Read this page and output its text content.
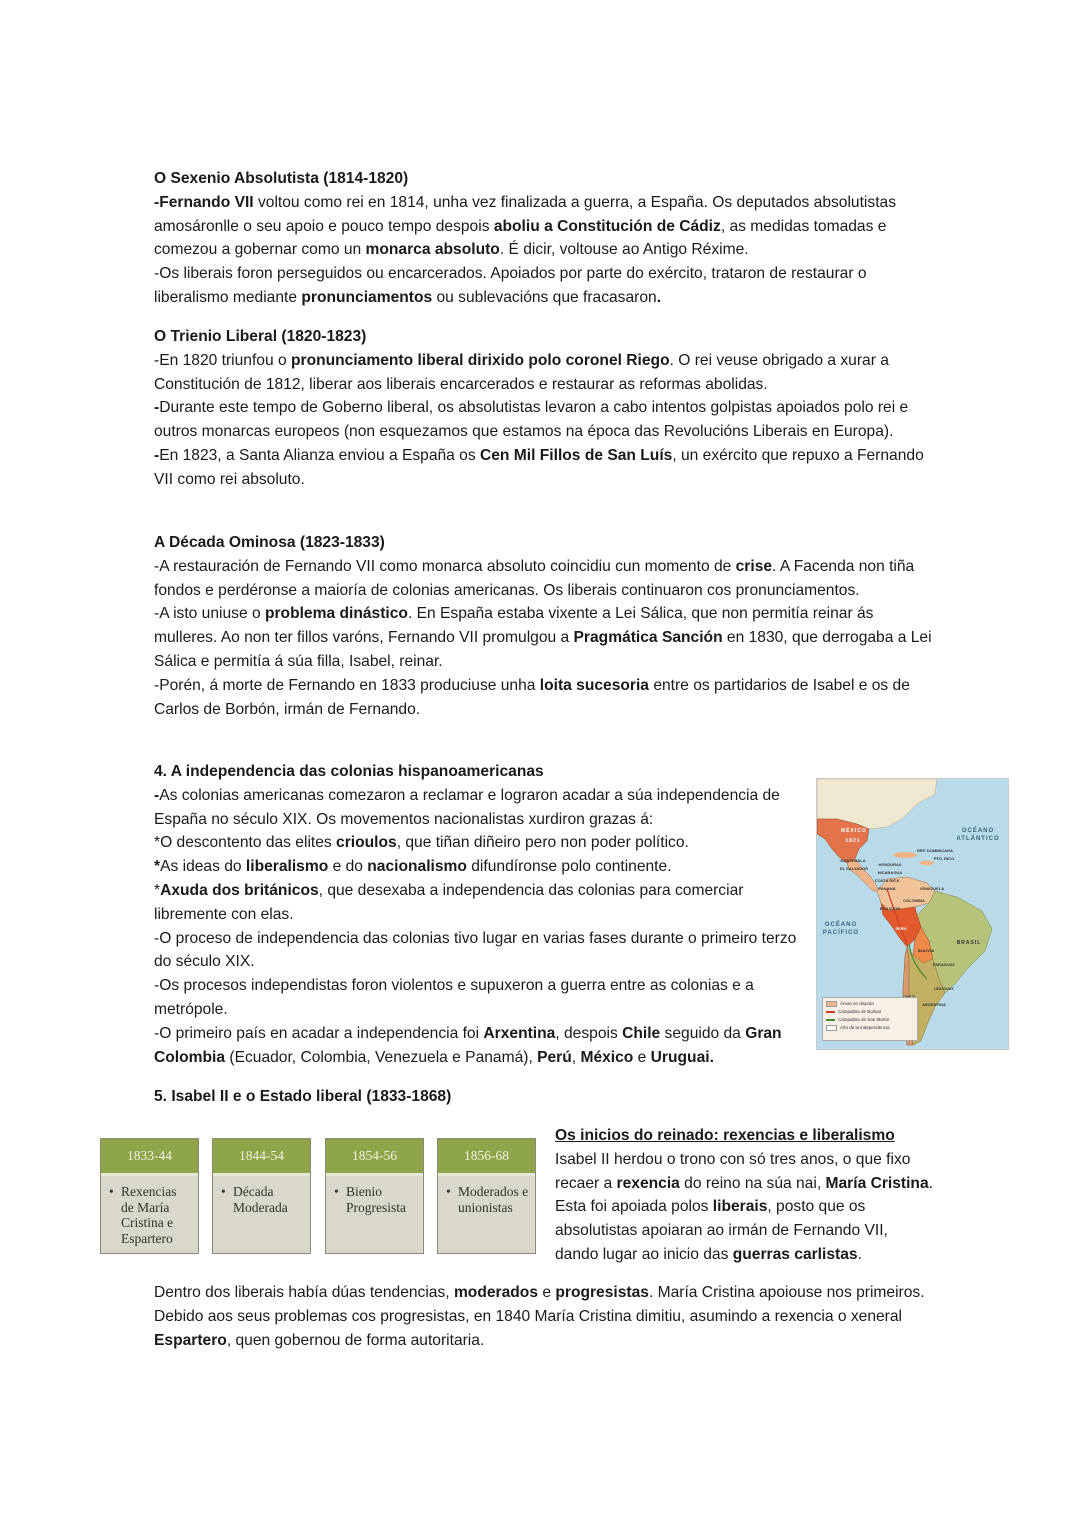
O Sexenio Absolutista (1814-1820)

-Fernando VII voltou como rei en 1814, unha vez finalizada a guerra, a España. Os deputados absolutistas amosáronlle o seu apoio e pouco tempo despois aboliu a Constitución de Cádiz, as medidas tomadas e comezou a gobernar como un monarca absoluto. É dicir, voltouse ao Antigo Réxime.

-Os liberais foron perseguidos ou encarcerados. Apoiados por parte do exército, trataron de restaurar o liberalismo mediante pronunciamentos ou sublevacións que fracasaron.

O Trienio Liberal (1820-1823)

-En 1820 triunfou o pronunciamento liberal dirixido polo coronel Riego. O rei veuse obrigado a xurar a Constitución de 1812, liberar aos liberais encarcerados e restaurar as reformas abolidas.

-Durante este tempo de Goberno liberal, os absolutistas levaron a cabo intentos golpistas apoiados polo rei e outros monarcas europeos (non esquezamos que estamos na época das Revolucións Liberais en Europa).

-En 1823, a Santa Alianza enviou a España os Cen Mil Fillos de San Luís, un exército que repuxo a Fernando VII como rei absoluto.

A Década Ominosa (1823-1833)

-A restauración de Fernando VII como monarca absoluto coincidiu cun momento de crise. A Facenda non tiña fondos e perdéronse a maioría de colonias americanas. Os liberais continuaron cos pronunciamentos.

-A isto uniuse o problema dinástico. En España estaba vixente a Lei Sálica, que non permitía reinar ás mulleres. Ao non ter fillos varóns, Fernando VII promulgou a Pragmática Sanción en 1830, que derrogaba a Lei Sálica e permitía á súa filla, Isabel, reinar.

-Porén, á morte de Fernando en 1833 produciuse unha loita sucesoria entre os partidarios de Isabel e os de Carlos de Borbón, irmán de Fernando.

4. A independencia das colonias hispanoamericanas

-As colonias americanas comezaron a reclamar e lograron acadar a súa independencia de España no século XIX. Os movementos nacionalistas xurdiron grazas á:

*O descontento das elites crioulos, que tiñan diñeiro pero non poder político.

*As ideas do liberalismo e do nacionalismo difundíronse polo continente.

*Axuda dos británicos, que desexaba a independencia das colonias para comerciar libremente con elas.

-O proceso de independencia das colonias tivo lugar en varias fases durante o primeiro terzo do século XIX.

-Os procesos independistas foron violentos e supuxeron a guerra entre as colonias e a metrópole.

-O primeiro país en acadar a independencia foi Arxentina, despois Chile seguido da Gran Colombia (Ecuador, Colombia, Venezuela e Panamá), Perú, México e Uruguai.

OCÉANO ATLÁNTICO
OCÉANO PACÍFICO
MÉXICO
1821
GUATEMALA
EL SALVADOR
HONDURAS
NICARAGUA
COSTA RICA
PANAMÁ
REP. DOMINICANA
PTO. RICO
VENEZUELA
COLOMBIA
ECUADOR
PERÚ
BOLIVIA
BRASIL
PARAGUAY
ARGENTINA
URUGUAY
Áreas en disputa
Campañas de Bolívar
Campañas de San Martín
Año de la independencia

5. Isabel II e o Estado liberal (1833-1868)

1833-44
• Rexencias de María Cristina e Espartero
1844-54
• Década Moderada
1854-56
• Bienio Progresista
1856-68
• Moderados e unionistas

Os inicios do reinado: rexencias e liberalismo

Isabel II herdou o trono con só tres anos, o que fixo recaer a rexencia do reino na súa nai, María Cristina. Esta foi apoiada polos liberais, posto que os absolutistas apoiaran ao irmán de Fernando VII, dando lugar ao inicio das guerras carlistas.

Dentro dos liberais había dúas tendencias, moderados e progresistas. María Cristina apoiouse nos primeiros. Debido aos seus problemas cos progresistas, en 1840 María Cristina dimitiu, asumindo a rexencia o xeneral Espartero, quen gobernou de forma autoritaria.
